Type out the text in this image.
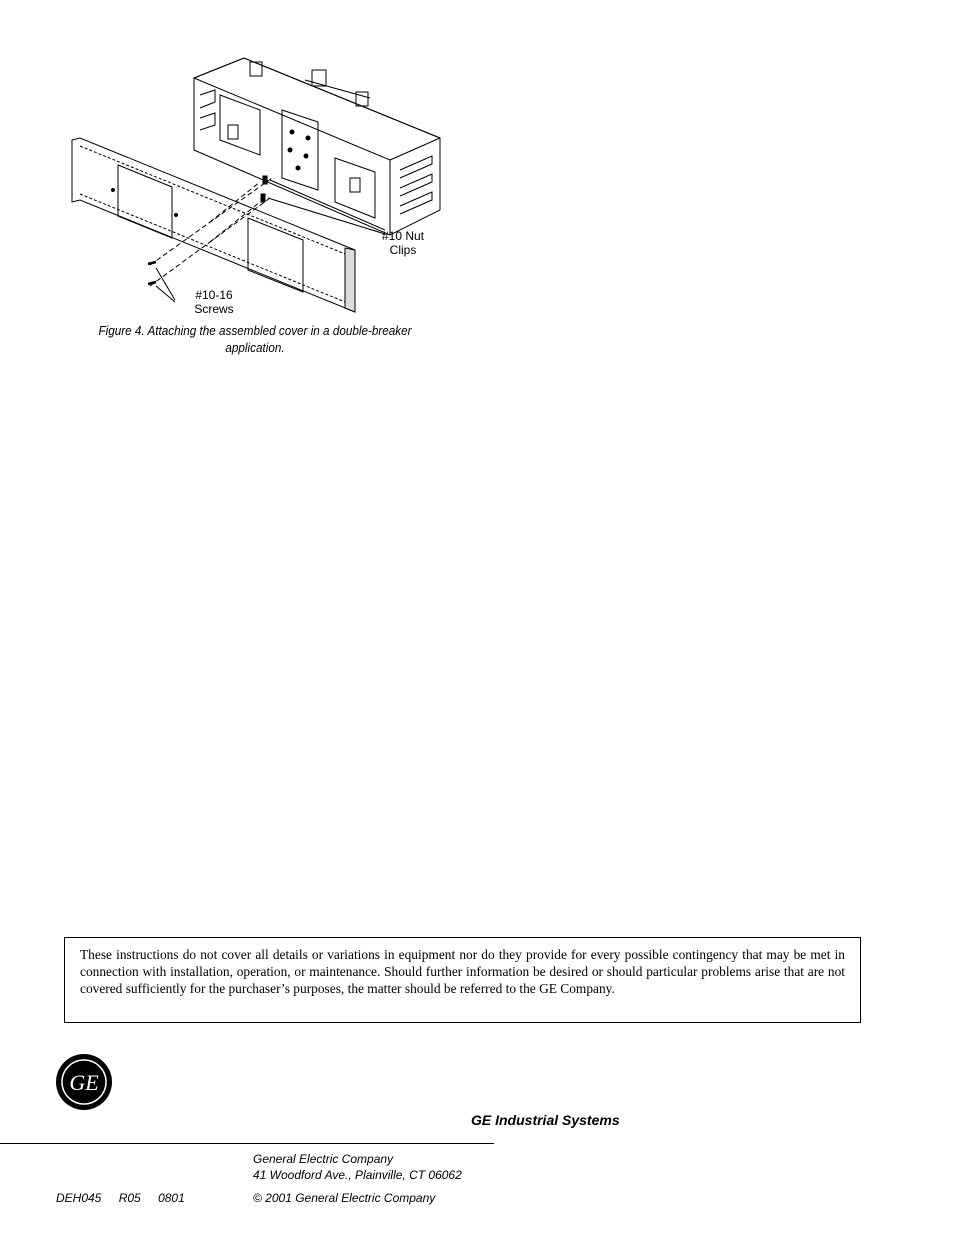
#10 Nut
Clips
#10-16
Screws
Figure 4. Attaching the assembled cover in a double-breaker application.
These instructions do not cover all details or variations in equipment nor do they provide for every possible contingency that may be met in connection with installation, operation, or maintenance. Should further information be desired or should particular problems arise that are not covered sufficiently for the purchaser’s purposes, the matter should be referred to the GE Company.
GE
GE Industrial Systems
General Electric Company
41 Woodford Ave., Plainville, CT 06062
DEH045 R05 0801	© 2001 General Electric Company
